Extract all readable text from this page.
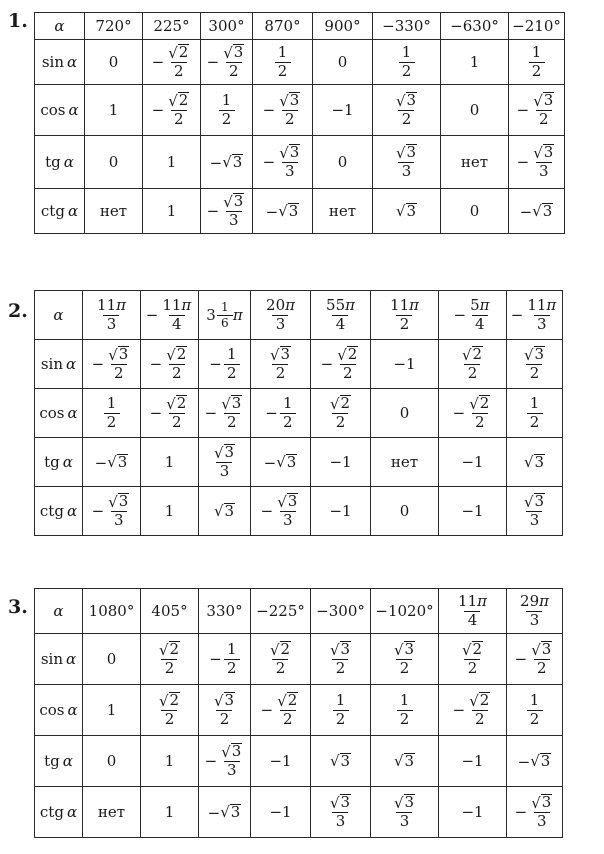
1. α	720°	225°	300°	870°	900°	−330°	−630°	−210°

sin α	0	− $\frac{√ 2}{2}$	− $\frac{√ 3}{2}$	$\frac{1}{2}$	0	$\frac{1}{2}$	1	$\frac{1}{2}$

cos α	1	− $\frac{√ 2}{2}$	$\frac{1}{2}$	− $\frac{√ 3}{2}$	−1	$\frac{√ 3}{2}$	0	− $\frac{√ 3}{2}$

tg α	0	1	− √ 3	− $\frac{√ 3}{3}$	0	$\frac{√ 3}{3}$	нет	− $\frac{√ 3}{3}$

ctg α	нет	1	− $\frac{√ 3}{3}$	− √ 3	нет	√ 3	0	− √ 3
2. α	$\frac{11\pi}{3}$	− $\frac{11\pi}{4}$	$3 \frac{1}{6}$ π	$\frac{20\pi}{3}$	$\frac{55\pi}{4}$	$\frac{11\pi}{2}$	− $\frac{5\pi}{4}$	− $\frac{11\pi}{3}$

sin α	− $\frac{√ 3}{2}$	− $\frac{√ 2}{2}$	− $\frac{1}{2}$	$\frac{√ 3}{2}$	− $\frac{√ 2}{2}$	−1	$\frac{√ 2}{2}$	$\frac{√ 3}{2}$

cos α	$\frac{1}{2}$	− $\frac{√ 2}{2}$	− $\frac{√ 3}{2}$	− $\frac{1}{2}$	$\frac{√ 2}{2}$	0	− $\frac{√ 2}{2}$	$\frac{1}{2}$

tg α	− √ 3	1	$\frac{√ 3}{3}$	− √ 3	−1	нет	−1	√ 3

ctg α	− $\frac{√ 3}{3}$	1	√ 3	− $\frac{√ 3}{3}$	−1	0	−1	$\frac{√ 3}{3}$
3. α	1080°	405°	330°	−225°	−300°	−1020°	$\frac{11\pi}{4}$	$\frac{29\pi}{3}$

sin α	0	$\frac{√ 2}{2}$	− $\frac{1}{2}$	$\frac{√ 2}{2}$	$\frac{√ 3}{2}$	$\frac{√ 3}{2}$	$\frac{√ 2}{2}$	− $\frac{√ 3}{2}$

cos α	1	$\frac{√ 2}{2}$	$\frac{√ 3}{2}$	− $\frac{√ 2}{2}$	$\frac{1}{2}$	$\frac{1}{2}$	− $\frac{√ 2}{2}$	$\frac{1}{2}$

tg α	0	1	− $\frac{√ 3}{3}$	−1	√ 3	√ 3	−1	− √ 3

ctg α	нет	1	− √ 3	−1	$\frac{√ 3}{3}$	$\frac{√ 3}{3}$	−1	− $\frac{√ 3}{3}$
